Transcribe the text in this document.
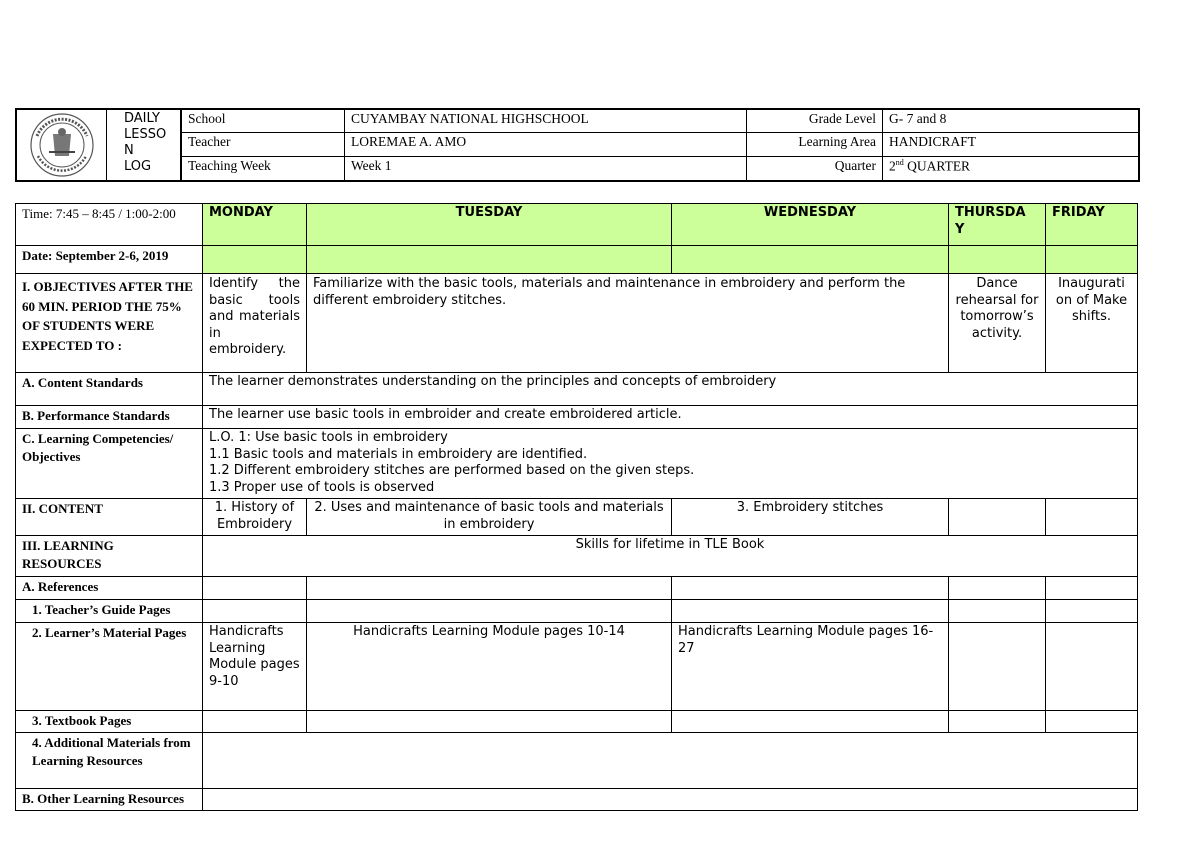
DAILY
LESSO
N
LOG
School	CUYAMBAY NATIONAL HIGHSCHOOL	Grade Level G- 7 and 8
Teacher	LOREMAE A. AMO	Learning Area HANDICRAFT
Teaching Week	Week 1	Quarter 2nd QUARTER
Time: 7:45 – 8:45 / 1:00-2:00	MONDAY	TUESDAY	WEDNESDAY	THURSDA Y	FRIDAY
Date: September 2-6, 2019					
I. OBJECTIVES AFTER THE 60 MIN. PERIOD THE 75% OF STUDENTS WERE EXPECTED TO :	Identify the basic tools and materials in embroidery.	Familiarize with the basic tools, materials and maintenance in embroidery and perform the different embroidery stitches.		Dance rehearsal for tomorrow’s activity.	Inaugurati on of Make shifts.
A. Content Standards	The learner demonstrates understanding on the principles and concepts of embroidery				
B. Performance Standards	The learner use basic tools in embroider and create embroidered article.				
C. Learning Competencies/ Objectives	L.O. 1: Use basic tools in embroidery
1.1 Basic tools and materials in embroidery are identified.
1.2 Different embroidery stitches are performed based on the given steps.
1.3 Proper use of tools is observed				

II. CONTENT	1. History of Embroidery	2. Uses and maintenance of basic tools and materials in embroidery	3. Embroidery stitches		
III. LEARNING RESOURCES	Skills for lifetime in TLE Book				
A. References					
1. Teacher’s Guide Pages					
2. Learner’s Material Pages	Handicrafts Learning Module pages 9-10	Handicrafts Learning Module pages 10-14	Handicrafts Learning Module pages 16-27		
3. Textbook Pages					
4. Additional Materials from Learning Resources					
B. Other Learning Resources					
